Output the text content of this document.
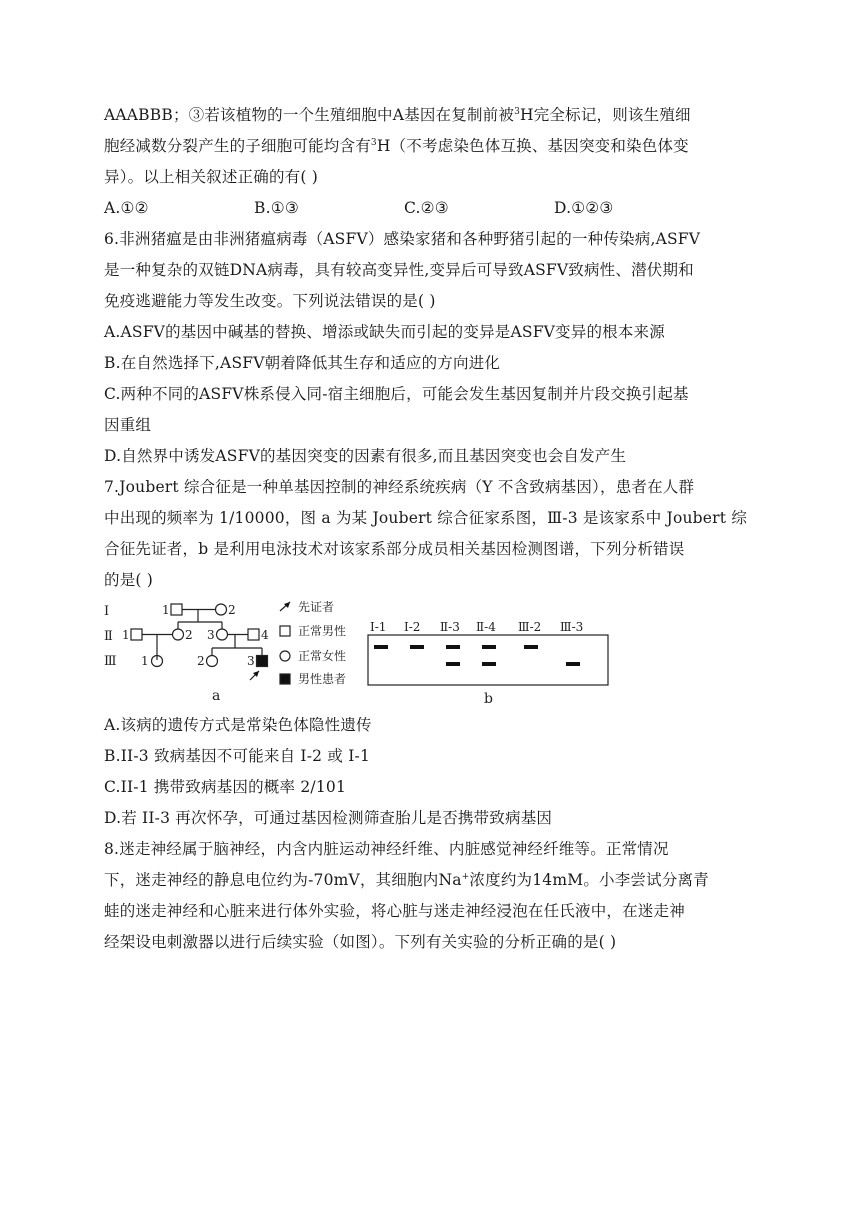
AAABBB；③若该植物的一个生殖细胞中A基因在复制前被$^3$H完全标记，则该生殖细
胞经减数分裂产生的子细胞可能均含有$^3$H（不考虑染色体互换、基因突变和染色体变
异）。以上相关叙述正确的有( )
A.①②	B.①③	C.②③	D.①②③
6.非洲猪瘟是由非洲猪瘟病毒（ASFV）感染家猪和各种野猪引起的一种传染病,ASFV
是一种复杂的双链DNA病毒，具有较高变异性,变异后可导致ASFV致病性、潜伏期和
免疫逃避能力等发生改变。下列说法错误的是( )
A.ASFV的基因中碱基的替换、增添或缺失而引起的变异是ASFV变异的根本来源
B.在自然选择下,ASFV朝着降低其生存和适应的方向进化
C.两种不同的ASFV株系侵入同-宿主细胞后，可能会发生基因复制并片段交换引起基
因重组
D.自然界中诱发ASFV的基因突变的因素有很多,而且基因突变也会自发产生
7.Joubert 综合征是一种单基因控制的神经系统疾病（Y 不含致病基因），患者在人群
中出现的频率为 1/10000，图 a 为某 Joubert 综合征家系图，Ⅲ-3 是该家系中 Joubert 综
合征先证者，b 是利用电泳技术对该家系部分成员相关基因检测图谱，下列分析错误
的是( )
Ⅰ
Ⅱ
Ⅲ
1	2
1	2 3	4
1	2	3
a
先证者
正常男性
正常女性
男性患者
Ⅰ-1 Ⅰ-2 Ⅱ-3 Ⅱ-4 Ⅲ-2 Ⅲ-3
b
A.该病的遗传方式是常染色体隐性遗传
B.II-3 致病基因不可能来自 I-2 或 I-1
C.II-1 携带致病基因的概率 2/101
D.若 II-3 再次怀孕，可通过基因检测筛查胎儿是否携带致病基因
8.迷走神经属于脑神经，内含内脏运动神经纤维、内脏感觉神经纤维等。正常情况
下，迷走神经的静息电位约为-70mV，其细胞内Na+浓度约为14mM。小李尝试分离青
蛙的迷走神经和心脏来进行体外实验，将心脏与迷走神经浸泡在任氏液中，在迷走神
经架设电刺激器以进行后续实验（如图）。下列有关实验的分析正确的是( )
